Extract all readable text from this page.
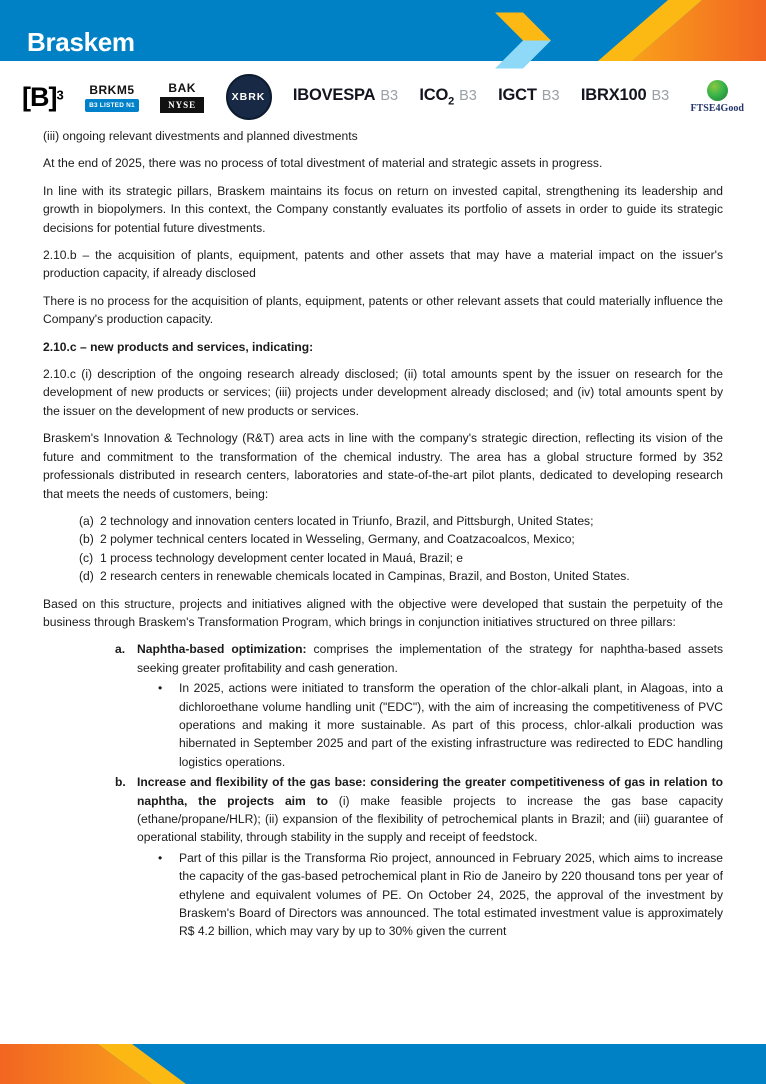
Braskem
$[B]^3$	BRKM5
B3 LISTED N1
BAK
NYSE
XBRK IBOVESPA B3 $ICO_2$ B3 IGCT B3 IBRX100 B3
FTSE4Good

(iii) ongoing relevant divestments and planned divestments

At the end of 2025, there was no process of total divestment of material and strategic assets in progress.

In line with its strategic pillars, Braskem maintains its focus on return on invested capital, strengthening its leadership and growth in biopolymers. In this context, the Company constantly evaluates its portfolio of assets in order to guide its strategic decisions for potential future divestments.

2.10.b – the acquisition of plants, equipment, patents and other assets that may have a material impact on the issuer's production capacity, if already disclosed

There is no process for the acquisition of plants, equipment, patents or other relevant assets that could materially influence the Company's production capacity.

2.10.c – new products and services, indicating:

2.10.c (i) description of the ongoing research already disclosed; (ii) total amounts spent by the issuer on research for the development of new products or services; (iii) projects under development already disclosed; and (iv) total amounts spent by the issuer on the development of new products or services.

Braskem's Innovation & Technology (R&T) area acts in line with the company's strategic direction, reflecting its vision of the future and commitment to the transformation of the chemical industry. The area has a global structure formed by 352 professionals distributed in research centers, laboratories and state-of-the-art pilot plants, dedicated to developing research that meets the needs of customers, being:

(a) 2 technology and innovation centers located in Triunfo, Brazil, and Pittsburgh, United States;
(b) 2 polymer technical centers located in Wesseling, Germany, and Coatzacoalcos, Mexico;
(c) 1 process technology development center located in Mauá, Brazil; e
(d) 2 research centers in renewable chemicals located in Campinas, Brazil, and Boston, United States.

Based on this structure, projects and initiatives aligned with the objective were developed that sustain the perpetuity of the business through Braskem's Transformation Program, which brings in conjunction initiatives structured on three pillars:

a. Naphtha-based optimization: comprises the implementation of the strategy for naphtha-based assets seeking greater profitability and cash generation.
•	In 2025, actions were initiated to transform the operation of the chlor-alkali plant, in Alagoas, into a dichloroethane volume handling unit ("EDC"), with the aim of increasing the competitiveness of PVC operations and making it more sustainable. As part of this process, chlor-alkali production was hibernated in September 2025 and part of the existing infrastructure was redirected to EDC handling logistics operations.
b. Increase and flexibility of the gas base: considering the greater competitiveness of gas in relation to naphtha, the projects aim to (i) make feasible projects to increase the gas base capacity (ethane/propane/HLR); (ii) expansion of the flexibility of petrochemical plants in Brazil; and (iii) guarantee of operational stability, through stability in the supply and receipt of feedstock.
•	Part of this pillar is the Transforma Rio project, announced in February 2025, which aims to increase the capacity of the gas-based petrochemical plant in Rio de Janeiro by 220 thousand tons per year of ethylene and equivalent volumes of PE. On October 24, 2025, the approval of the investment by Braskem's Board of Directors was announced. The total estimated investment value is approximately R$ 4.2 billion, which may vary by up to 30% given the current
